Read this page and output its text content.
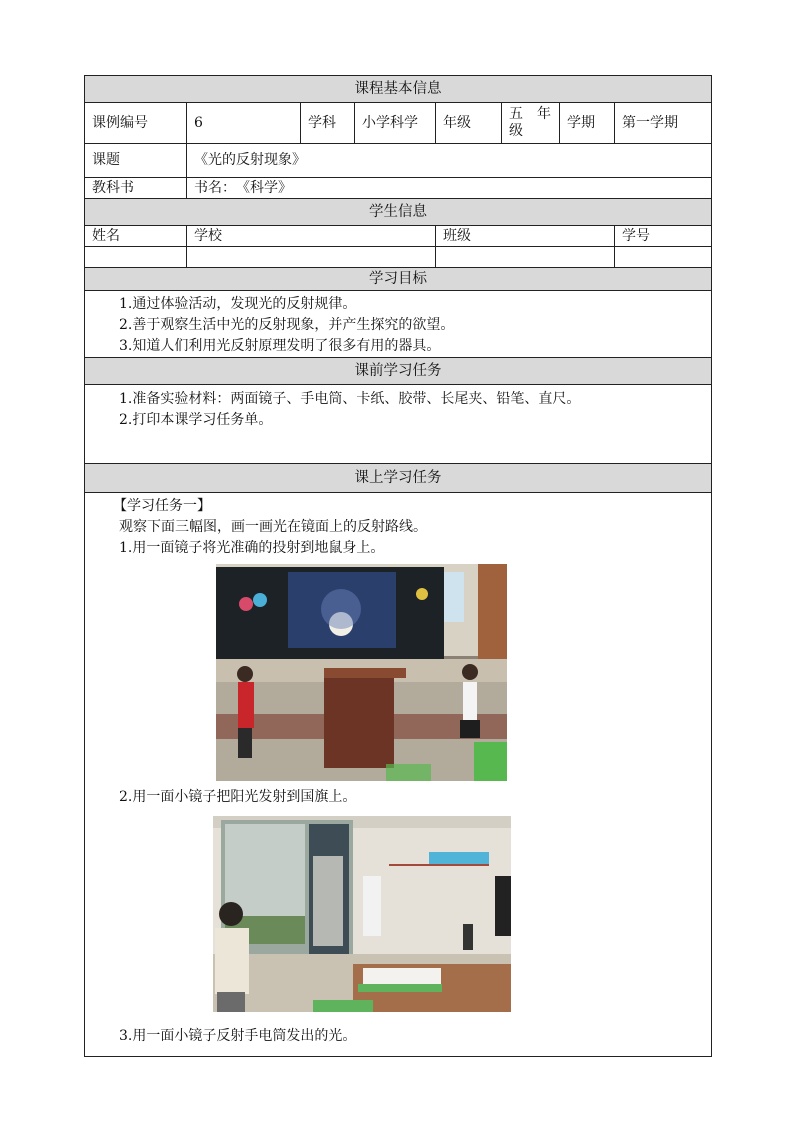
课程基本信息							
课例编号	6	学科	小学科学	年级	五　年级	学期	第一学期
课题	《光的反射现象》						
教科书	书名：　《科学》						
学生信息							
姓名	学校			班级			学号

学习目标							

1.通过体验活动，发现光的反射规律。
2.善于观察生活中光的反射现象，并产生探究的欲望。
3.知道人们利用光反射原理发明了很多有用的器具。							

课前学习任务							

1.准备实验材料：两面镜子、手电筒、卡纸、胶带、长尾夹、铅笔、直尺。
2.打印本课学习任务单。							

课上学习任务							

【学习任务一】
观察下面三幅图，画一画光在镜面上的反射路线。
1.用一面镜子将光准确的投射到地鼠身上。
2.用一面小镜子把阳光发射到国旗上。
3.用一面小镜子反射手电筒发出的光。							
